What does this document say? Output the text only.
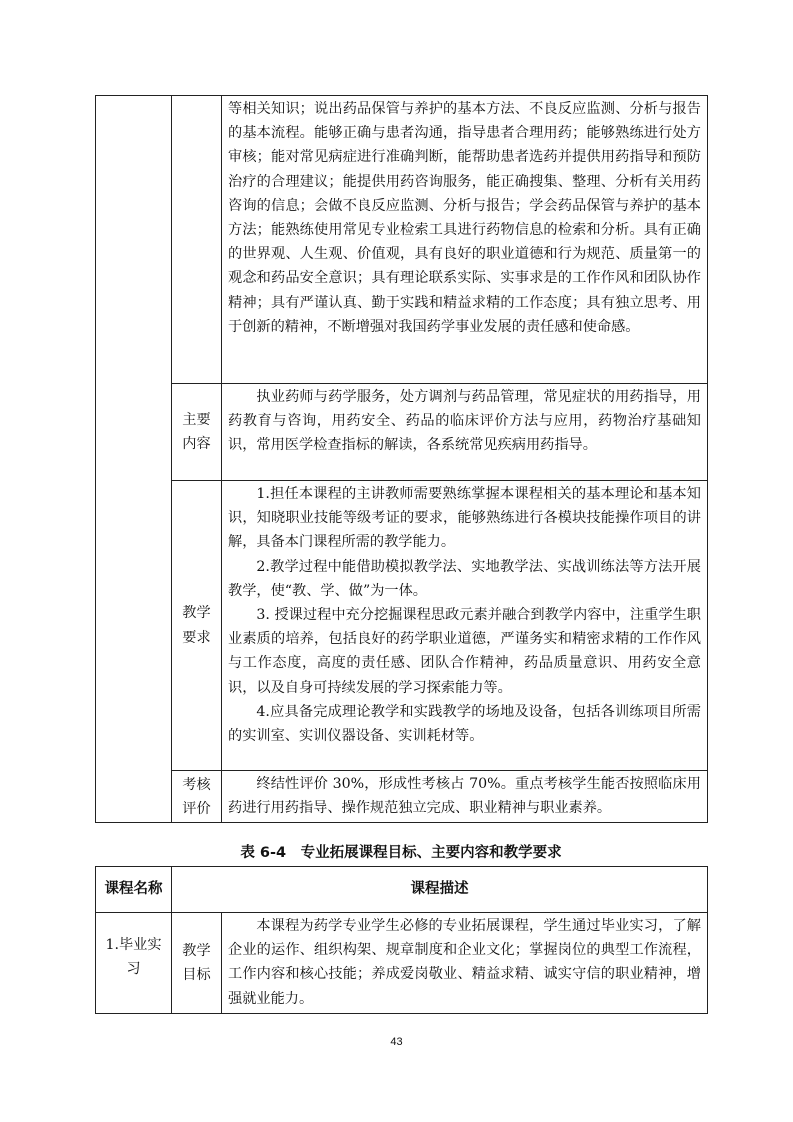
		等相关知识；说出药品保管与养护的基本方法、不良反应监测、分析与报告的基本流程。能够正确与患者沟通，指导患者合理用药；能够熟练进行处方审核；能对常见病症进行准确判断，能帮助患者选药并提供用药指导和预防治疗的合理建议；能提供用药咨询服务，能正确搜集、整理、分析有关用药咨询的信息；会做不良反应监测、分析与报告；学会药品保管与养护的基本方法；能熟练使用常见专业检索工具进行药物信息的检索和分析。具有正确的世界观、人生观、价值观，具有良好的职业道德和行为规范、质量第一的观念和药品安全意识；具有理论联系实际、实事求是的工作作风和团队协作精神；具有严谨认真、勤于实践和精益求精的工作态度；具有独立思考、用于创新的精神，不断增强对我国药学事业发展的责任感和使命感。

	主要内容	执业药师与药学服务，处方调剂与药品管理，常见症状的用药指导，用药教育与咨询，用药安全、药品的临床评价方法与应用，药物治疗基础知识，常用医学检查指标的解读，各系统常见疾病用药指导。

	教学要求	1.担任本课程的主讲教师需要熟练掌握本课程相关的基本理论和基本知识，知晓职业技能等级考证的要求，能够熟练进行各模块技能操作项目的讲解，具备本门课程所需的教学能力。

2.教学过程中能借助模拟教学法、实地教学法、实战训练法等方法开展教学，使“教、学、做”为一体。

3. 授课过程中充分挖掘课程思政元素并融合到教学内容中，注重学生职业素质的培养，包括良好的药学职业道德，严谨务实和精密求精的工作作风与工作态度，高度的责任感、团队合作精神，药品质量意识、用药安全意识，以及自身可持续发展的学习探索能力等。

4.应具备完成理论教学和实践教学的场地及设备，包括各训练项目所需的实训室、实训仪器设备、实训耗材等。

	考核评价	终结性评价 30%，形成性考核占 70%。重点考核学生能否按照临床用药进行用药指导、操作规范独立完成、职业精神与职业素养。

表 6-4　专业拓展课程目标、主要内容和教学要求
课程名称	课程描述	
1.毕业实习	教学目标	本课程为药学专业学生必修的专业拓展课程，学生通过毕业实习，了解企业的运作、组织构架、规章制度和企业文化；掌握岗位的典型工作流程，工作内容和核心技能；养成爱岗敬业、精益求精、诚实守信的职业精神，增强就业能力。

43
